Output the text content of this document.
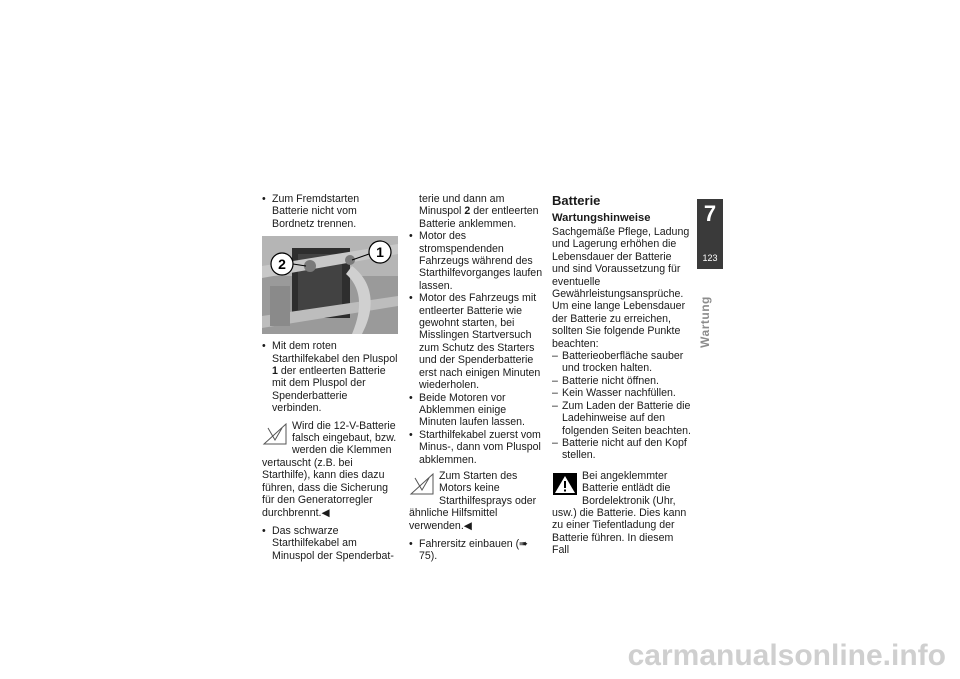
• Zum Fremdstarten Batterie nicht vom Bordnetz trennen.

1
2

• Mit dem roten Starthilfekabel den Pluspol 1 der entleerten Batterie mit dem Pluspol der Spenderbatterie verbinden.

Wird die 12-V-Batterie falsch eingebaut, bzw. werden die Klemmen vertauscht (z.B. bei Starthilfe), kann dies dazu führen, dass die Sicherung für den Generatorregler durchbrennt.◀

• Das schwarze Starthilfekabel am Minuspol der Spenderbat-

terie und dann am Minuspol 2 der entleerten Batterie anklemmen.

• Motor des stromspendenden Fahrzeugs während des Starthilfevorganges laufen lassen.

• Motor des Fahrzeugs mit entleerter Batterie wie gewohnt starten, bei Misslingen Startversuch zum Schutz des Starters und der Spenderbatterie erst nach einigen Minuten wiederholen.

• Beide Motoren vor Abklemmen einige Minuten laufen lassen.

• Starthilfekabel zuerst vom Minus-, dann vom Pluspol abklemmen.

Zum Starten des Motors keine Starthilfesprays oder ähnliche Hilfsmittel verwenden.◀

• Fahrersitz einbauen (➠ 75).

Batterie

Wartungshinweise

Sachgemäße Pflege, Ladung und Lagerung erhöhen die Lebensdauer der Batterie und sind Voraussetzung für eventuelle Gewährleistungsansprüche.

Um eine lange Lebensdauer der Batterie zu erreichen, sollten Sie folgende Punkte beachten:

– Batterieoberfläche sauber und trocken halten.

– Batterie nicht öffnen.

– Kein Wasser nachfüllen.

– Zum Laden der Batterie die Ladehinweise auf den folgenden Seiten beachten.

– Batterie nicht auf den Kopf stellen.

Bei angeklemmter Batterie entlädt die Bordelektronik (Uhr, usw.) die Batterie. Dies kann zu einer Tiefentladung der Batterie führen. In diesem Fall

7
123
Wartung
carmanualsonline.info
